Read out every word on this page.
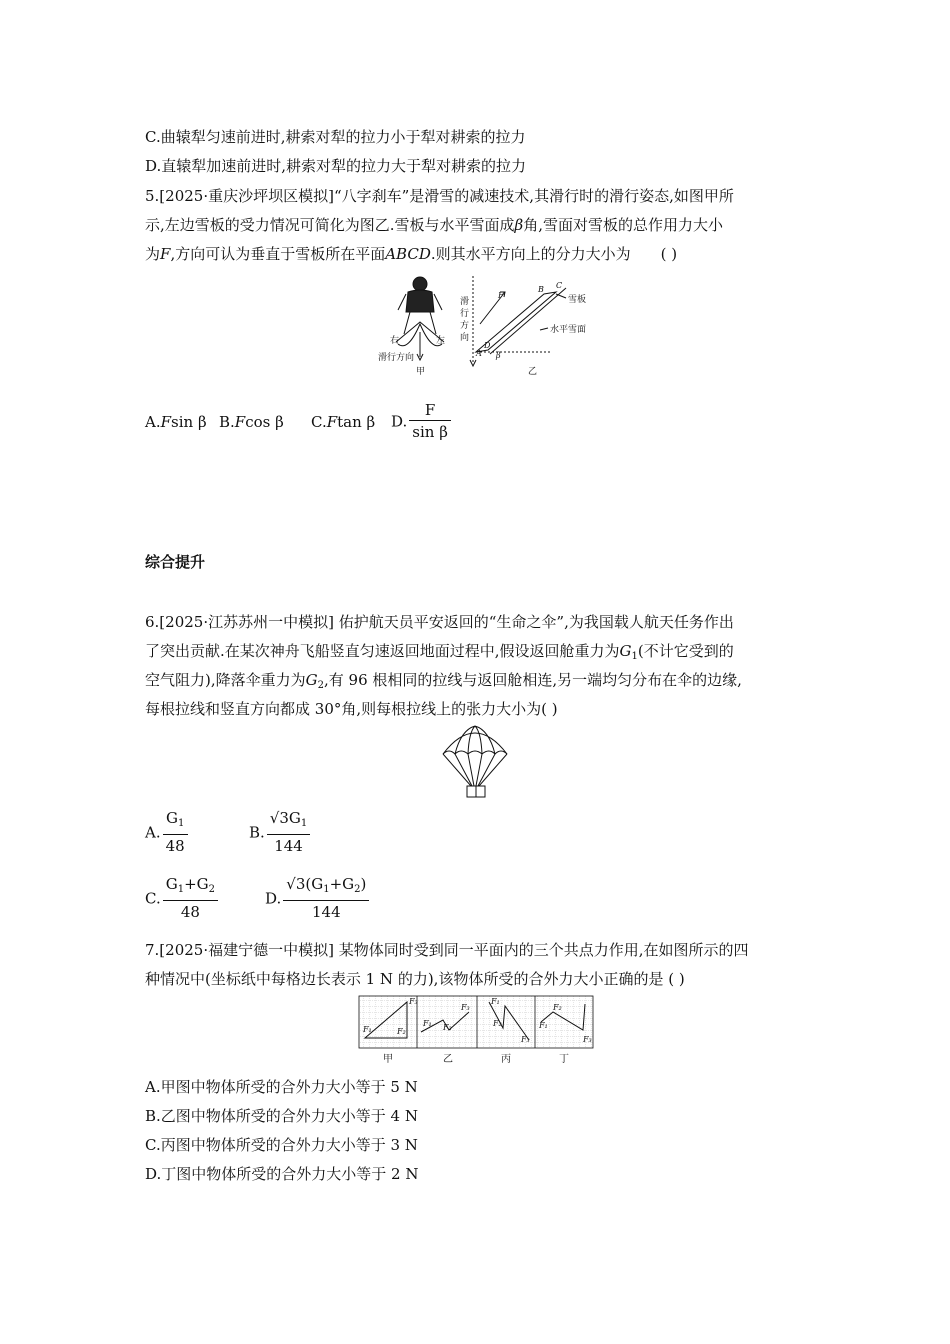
C.曲辕犁匀速前进时,耕索对犁的拉力小于犁对耕索的拉力
D.直辕犁加速前进时,耕索对犁的拉力大于犁对耕索的拉力
5.[2025·重庆沙坪坝区模拟]“八字刹车”是滑雪的减速技术,其滑行时的滑行姿态,如图甲所
示,左边雪板的受力情况可简化为图乙.雪板与水平雪面成β角,雪面对雪板的总作用力大小
为F,方向可认为垂直于雪板所在平面ABCD.则其水平方向上的分力大小为 ( )
右	左
滑行方向
甲
滑
行
方
向
A
B C
D
F
β
雪板
水平雪面
乙
A.Fsin β B.Fcos β C.Ftan β D. $\frac{F}{\text{sin β}}$
综合提升
6.[2025·江苏苏州一中模拟] 佑护航天员平安返回的“生命之伞”,为我国载人航天任务作出
了突出贡献.在某次神舟飞船竖直匀速返回地面过程中,假设返回舱重力为$G_1$(不计它受到的
空气阻力),降落伞重力为$G_2$,有 96 根相同的拉线与返回舱相连,另一端均匀分布在伞的边缘,
每根拉线和竖直方向都成 30°角,则每根拉线上的张力大小为( )
A. $\frac{G_1}{48}$	B. $\frac{√3G_1}{144}$
C. $\frac{G_1+G_2}{48}$	D. $\frac{√3(G_1+G_2)}{144}$
7.[2025·福建宁德一中模拟] 某物体同时受到同一平面内的三个共点力作用,在如图所示的四
种情况中(坐标纸中每格边长表示 1 N 的力),该物体所受的合外力大小正确的是 ( )
F₁	F₂
F₃
F₁ F₂
F₃
F₁
F₂
F₃
F₁
F₂
F₃
甲	乙	丙	丁
A.甲图中物体所受的合外力大小等于 5 N
B.乙图中物体所受的合外力大小等于 4 N
C.丙图中物体所受的合外力大小等于 3 N
D.丁图中物体所受的合外力大小等于 2 N
